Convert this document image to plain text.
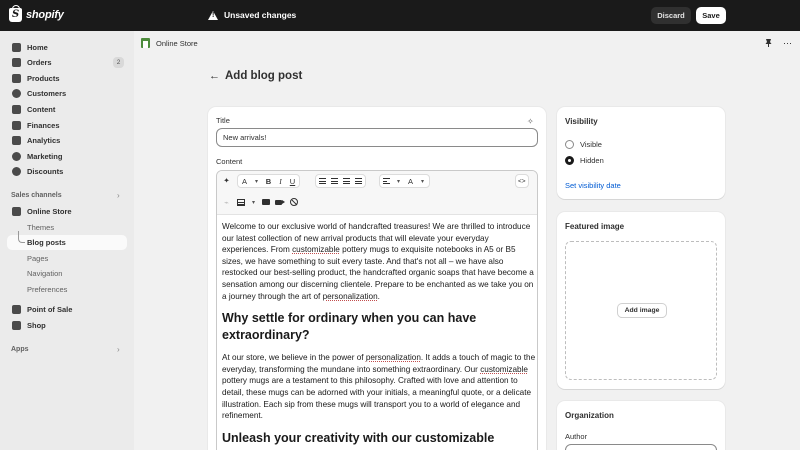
S
shopify
!	Unsaved changes	Discard	Save
Home
Orders	2
Products
Customers
Content
Finances
Analytics
Marketing
Discounts
Sales channels	›
Online Store
Themes
Blog posts
Pages
Navigation
Preferences
Point of Sale
Shop
Apps	›
Online Store	⋯
← Add blog post
Title	✧
New arrivals!
Content
✦ A	▾ B	I	U	▾ A	▾	<>
⌁	▾

Welcome to our exclusive world of handcrafted treasures! We are thrilled to introduce our latest collection of new arrival products that will elevate your everyday experiences. From customizable pottery mugs to exquisite notebooks in A5 or B5 sizes, we have something to suit every taste. And that's not all – we have also restocked our best-selling product, the handcrafted organic soaps that have become a sensation among our discerning clientele. Prepare to be enchanted as we take you on a journey through the art of personalization.

Why settle for ordinary when you can have extraordinary?

At our store, we believe in the power of personalization. It adds a touch of magic to the everyday, transforming the mundane into something extraordinary. Our customizable pottery mugs are a testament to this philosophy. Crafted with love and attention to detail, these mugs can be adorned with your initials, a meaningful quote, or a delicate illustration. Each sip from these mugs will transport you to a world of elegance and refinement.

Unleash your creativity with our customizable
Visibility
Visible
Hidden
Set visibility date
Featured image
Add image
Organization
Author
